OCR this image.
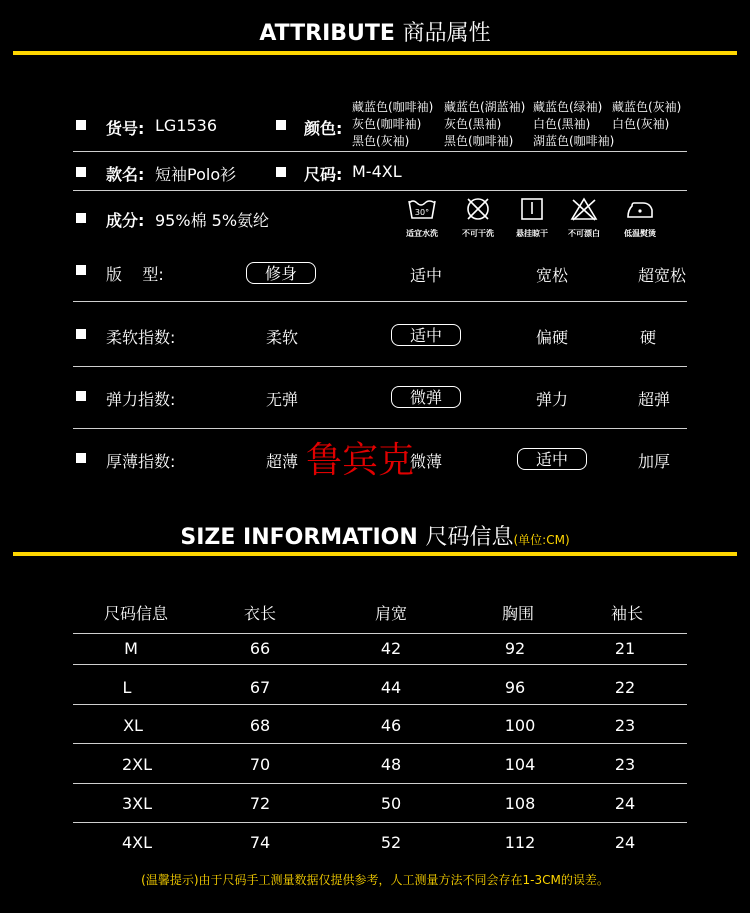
ATTRIBUTE 商品属性
货号: LG1536	颜色:
藏蓝色(咖啡袖) 藏蓝色(湖蓝袖) 藏蓝色(绿袖) 藏蓝色(灰袖)
灰色(咖啡袖) 灰色(黑袖)	白色(黑袖) 白色(灰袖)
黑色(灰袖)	黑色(咖啡袖) 湖蓝色(咖啡袖)
款名: 短袖Polo衫	尺码: M-4XL
成分: 95%棉 5%氨纶	30°
适宜水洗	不可干洗	悬挂晾干	不可漂白	低温熨烫
版    型:	修身	适中	宽松	超宽松
柔软指数:	柔软	适中	偏硬	硬
弹力指数:	无弹	微弹	弹力	超弹
厚薄指数:	超薄	微薄	适中	加厚
鲁宾克
SIZE INFORMATION 尺码信息(单位:CM)
尺码信息	衣长	肩宽	胸围	袖长
M	66	42	92	21
L	67	44	96	22
XL	68	46	100	23
2XL	70	48	104	23
3XL	72	50	108	24
4XL	74	52	112	24
(温馨提示)由于尺码手工测量数据仅提供参考，人工测量方法不同会存在1-3CM的误差。
